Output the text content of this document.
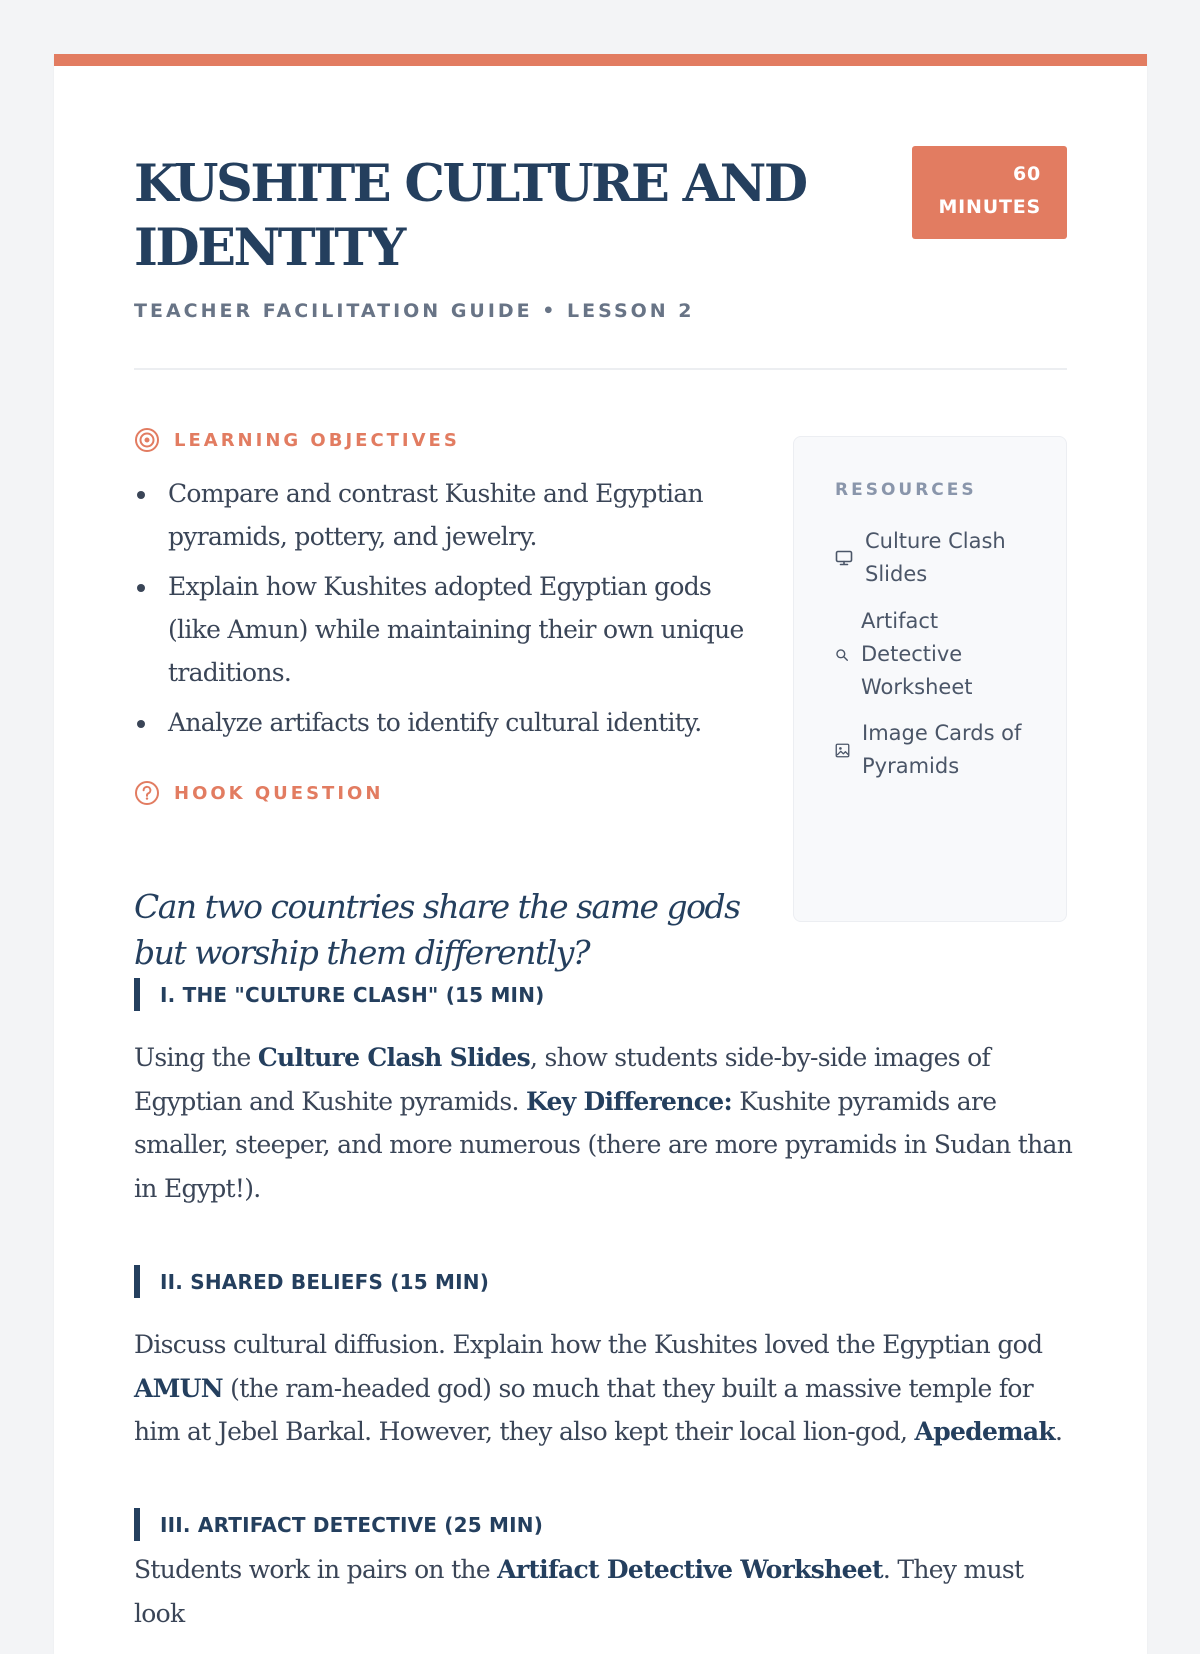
KUSHITE CULTURE AND IDENTITY
60
MINUTES
TEACHER FACILITATION GUIDE • LESSON 2
LEARNING OBJECTIVES
Compare and contrast Kushite and Egyptian pyramids, pottery, and jewelry.
Explain how Kushites adopted Egyptian gods (like Amun) while maintaining their own unique traditions.
Analyze artifacts to identify cultural identity.
HOOK QUESTION
Can two countries share the same gods but worship them differently?
RESOURCES
Culture Clash Slides
Artifact Detective Worksheet
Image Cards of Pyramids
I. THE "CULTURE CLASH" (15 MIN)

Using the Culture Clash Slides, show students side-by-side images of Egyptian and Kushite pyramids. Key Difference: Kushite pyramids are smaller, steeper, and more numerous (there are more pyramids in Sudan than in Egypt!).

II. SHARED BELIEFS (15 MIN)

Discuss cultural diffusion. Explain how the Kushites loved the Egyptian god AMUN (the ram-headed god) so much that they built a massive temple for him at Jebel Barkal. However, they also kept their local lion-god, Apedemak.

III. ARTIFACT DETECTIVE (25 MIN)

Students work in pairs on the Artifact Detective Worksheet. They must look
